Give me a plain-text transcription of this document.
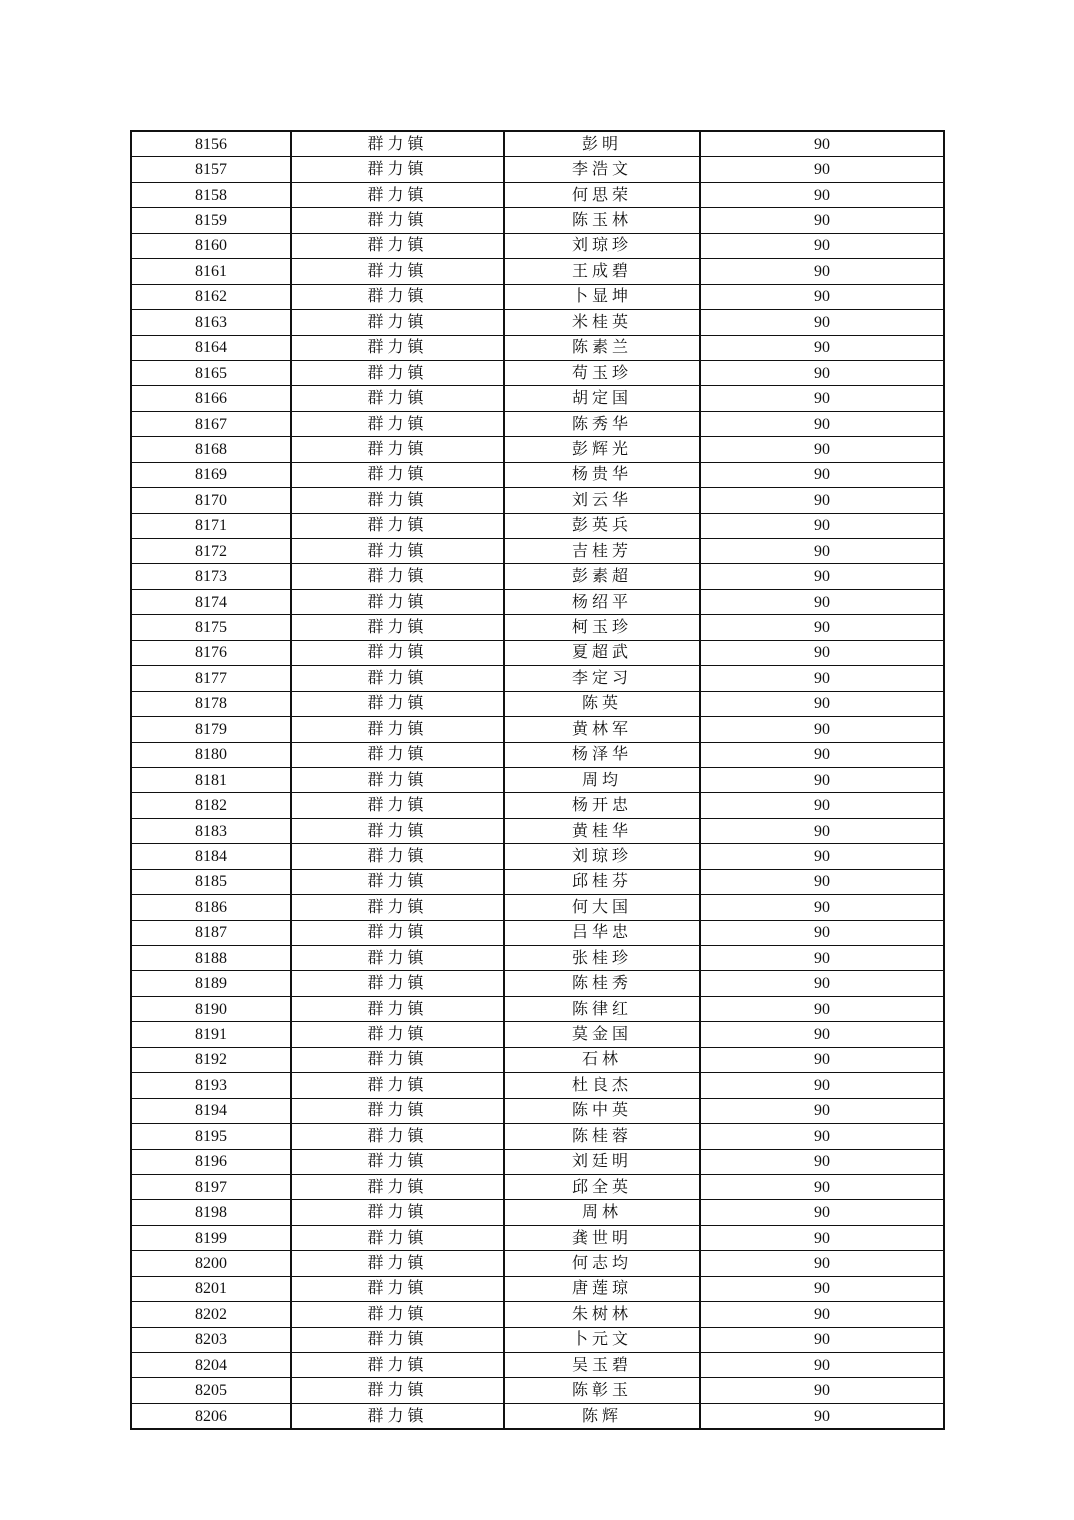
8156	群力镇	彭明	90
8157	群力镇	李浩文	90
8158	群力镇	何思荣	90
8159	群力镇	陈玉林	90
8160	群力镇	刘琼珍	90
8161	群力镇	王成碧	90
8162	群力镇	卜显坤	90
8163	群力镇	米桂英	90
8164	群力镇	陈素兰	90
8165	群力镇	苟玉珍	90
8166	群力镇	胡定国	90
8167	群力镇	陈秀华	90
8168	群力镇	彭辉光	90
8169	群力镇	杨贵华	90
8170	群力镇	刘云华	90
8171	群力镇	彭英兵	90
8172	群力镇	吉桂芳	90
8173	群力镇	彭素超	90
8174	群力镇	杨绍平	90
8175	群力镇	柯玉珍	90
8176	群力镇	夏超武	90
8177	群力镇	李定习	90
8178	群力镇	陈英	90
8179	群力镇	黄林军	90
8180	群力镇	杨泽华	90
8181	群力镇	周均	90
8182	群力镇	杨开忠	90
8183	群力镇	黄桂华	90
8184	群力镇	刘琼珍	90
8185	群力镇	邱桂芬	90
8186	群力镇	何大国	90
8187	群力镇	吕华忠	90
8188	群力镇	张桂珍	90
8189	群力镇	陈桂秀	90
8190	群力镇	陈律红	90
8191	群力镇	莫金国	90
8192	群力镇	石林	90
8193	群力镇	杜良杰	90
8194	群力镇	陈中英	90
8195	群力镇	陈桂蓉	90
8196	群力镇	刘廷明	90
8197	群力镇	邱全英	90
8198	群力镇	周林	90
8199	群力镇	龚世明	90
8200	群力镇	何志均	90
8201	群力镇	唐莲琼	90
8202	群力镇	朱树林	90
8203	群力镇	卜元文	90
8204	群力镇	吴玉碧	90
8205	群力镇	陈彰玉	90
8206	群力镇	陈辉	90
